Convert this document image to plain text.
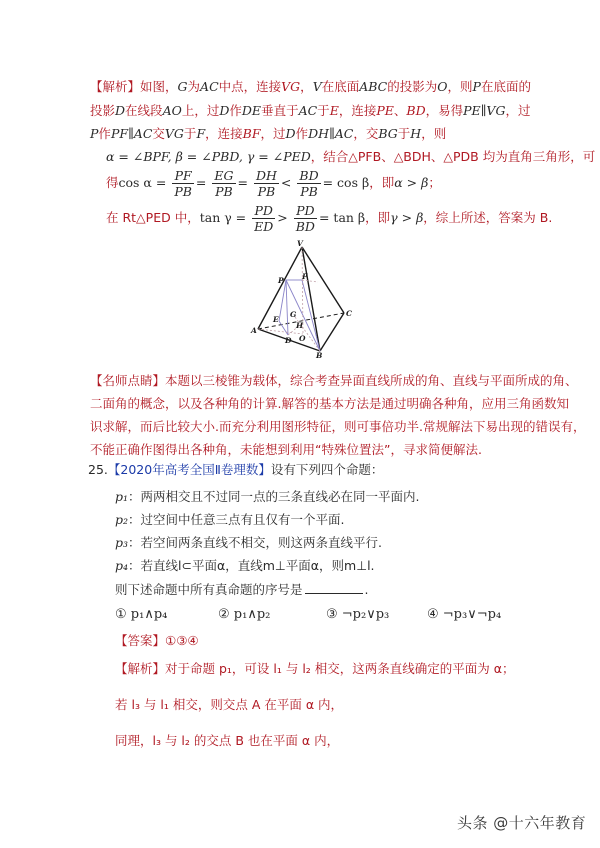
【解析】如图，G为AC中点，连接VG，V在底面ABC的投影为O，则P在底面的
投影D在线段AO上，过D作DE垂直于AC于E，连接PE、BD，易得PE∥VG，过
P作PF∥AC交VG于F，连接BF，过D作DH∥AC，交BG于H，则
α = ∠BPF, β = ∠PBD, γ = ∠PED，结合△PFB、△BDH、△PDB 均为直角三角形，可
得$\cos \alpha = \frac{PF}{PB} = \frac{EG}{PB} = \frac{DH}{PB} < \frac{BD}{PB} = \cos \beta$，即α > β；
在 Rt△PED 中，$\tan \gamma = \frac{PD}{ED} > \frac{PD}{BD} = \tan \beta$，即γ > β，综上所述，答案为 B.
V
P F
E
G
H
D O
A
B
C
【名师点睛】本题以三棱锥为载体，综合考查异面直线所成的角、直线与平面所成的角、
二面角的概念，以及各种角的计算.解答的基本方法是通过明确各种角，应用三角函数知
识求解，而后比较大小.而充分利用图形特征，则可事倍功半.常规解法下易出现的错误有，
不能正确作图得出各种角，未能想到利用“特殊位置法”，寻求简便解法.
25.【2020年高考全国Ⅱ卷理数】设有下列四个命题：
p₁：两两相交且不过同一点的三条直线必在同一平面内.
p₂：过空间中任意三点有且仅有一个平面.
p₃：若空间两条直线不相交，则这两条直线平行.
p₄：若直线l⊂平面α，直线m⊥平面α，则m⊥l.
则下述命题中所有真命题的序号是	.
① p₁∧p₄	② p₁∧p₂	③ ¬p₂∨p₃	④ ¬p₃∨¬p₄
【答案】①③④
【解析】对于命题 p₁，可设 l₁ 与 l₂ 相交，这两条直线确定的平面为 α；
若 l₃ 与 l₁ 相交，则交点 A 在平面 α 内，
同理，l₃ 与 l₂ 的交点 B 也在平面 α 内，
头条 @十六年教育
